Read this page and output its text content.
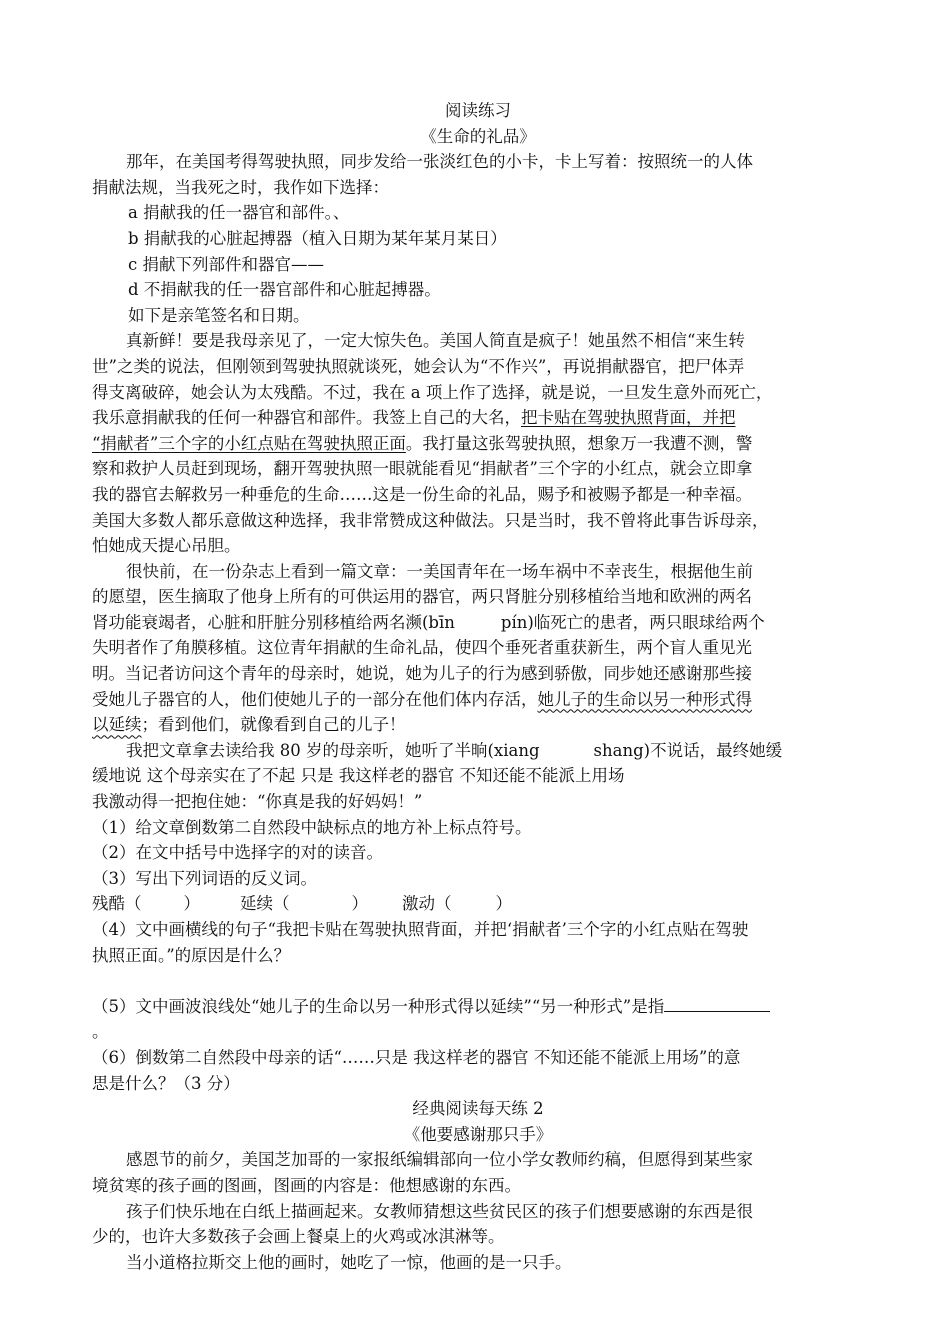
阅读练习
《生命的礼品》
那年，在美国考得驾驶执照，同步发给一张淡红色的小卡，卡上写着：按照统一的人体
捐献法规，当我死之时，我作如下选择：
a 捐献我的任一器官和部件。、
b 捐献我的心脏起搏器（植入日期为某年某月某日）
c 捐献下列部件和器官——
d 不捐献我的任一器官部件和心脏起搏器。
如下是亲笔签名和日期。
真新鲜！要是我母亲见了，一定大惊失色。美国人简直是疯子！她虽然不相信“来生转
世”之类的说法，但刚领到驾驶执照就谈死，她会认为“不作兴”，再说捐献器官，把尸体弄
得支离破碎，她会认为太残酷。不过，我在 a 项上作了选择，就是说，一旦发生意外而死亡，
我乐意捐献我的任何一种器官和部件。我签上自己的大名，把卡贴在驾驶执照背面，并把
“捐献者”三个字的小红点贴在驾驶执照正面。我打量这张驾驶执照，想象万一我遭不测，警
察和救护人员赶到现场，翻开驾驶执照一眼就能看见“捐献者”三个字的小红点，就会立即拿
我的器官去解救另一种垂危的生命……这是一份生命的礼品，赐予和被赐予都是一种幸福。
美国大多数人都乐意做这种选择，我非常赞成这种做法。只是当时，我不曾将此事告诉母亲，
怕她成天提心吊胆。
很快前，在一份杂志上看到一篇文章：一美国青年在一场车祸中不幸丧生，根据他生前
的愿望，医生摘取了他身上所有的可供运用的器官，两只肾脏分别移植给当地和欧洲的两名
肾功能衰竭者，心脏和肝脏分别移植给两名濒(bīn	pín)临死亡的患者，两只眼球给两个
失明者作了角膜移植。这位青年捐献的生命礼品，使四个垂死者重获新生，两个盲人重见光
明。当记者访问这个青年的母亲时，她说，她为儿子的行为感到骄傲，同步她还感谢那些接
受她儿子器官的人，他们使她儿子的一部分在他们体内存活，她儿子的生命以另一种形式得
以延续；看到他们，就像看到自己的儿子！
我把文章拿去读给我 80 岁的母亲听，她听了半晌(xiang	shang)不说话，最终她缓
缓地说 这个母亲实在了不起 只是 我这样老的器官 不知还能不能派上用场
我激动得一把抱住她：“你真是我的好妈妈！”
（1）给文章倒数第二自然段中缺标点的地方补上标点符号。
（2）在文中括号中选择字的对的读音。
（3）写出下列词语的反义词。
残酷（	） 延续（	） 激动（	）
（4）文中画横线的句子“我把卡贴在驾驶执照背面，并把‘捐献者’三个字的小红点贴在驾驶
执照正面。”的原因是什么？
（5）文中画波浪线处“她儿子的生命以另一种形式得以延续”“另一种形式”是指
。
（6）倒数第二自然段中母亲的话“……只是 我这样老的器官 不知还能不能派上用场”的意
思是什么？（3 分）
经典阅读每天练 2
《他要感谢那只手》
感恩节的前夕，美国芝加哥的一家报纸编辑部向一位小学女教师约稿，但愿得到某些家
境贫寒的孩子画的图画，图画的内容是：他想感谢的东西。
孩子们快乐地在白纸上描画起来。女教师猜想这些贫民区的孩子们想要感谢的东西是很
少的，也许大多数孩子会画上餐桌上的火鸡或冰淇淋等。
当小道格拉斯交上他的画时，她吃了一惊，他画的是一只手。
